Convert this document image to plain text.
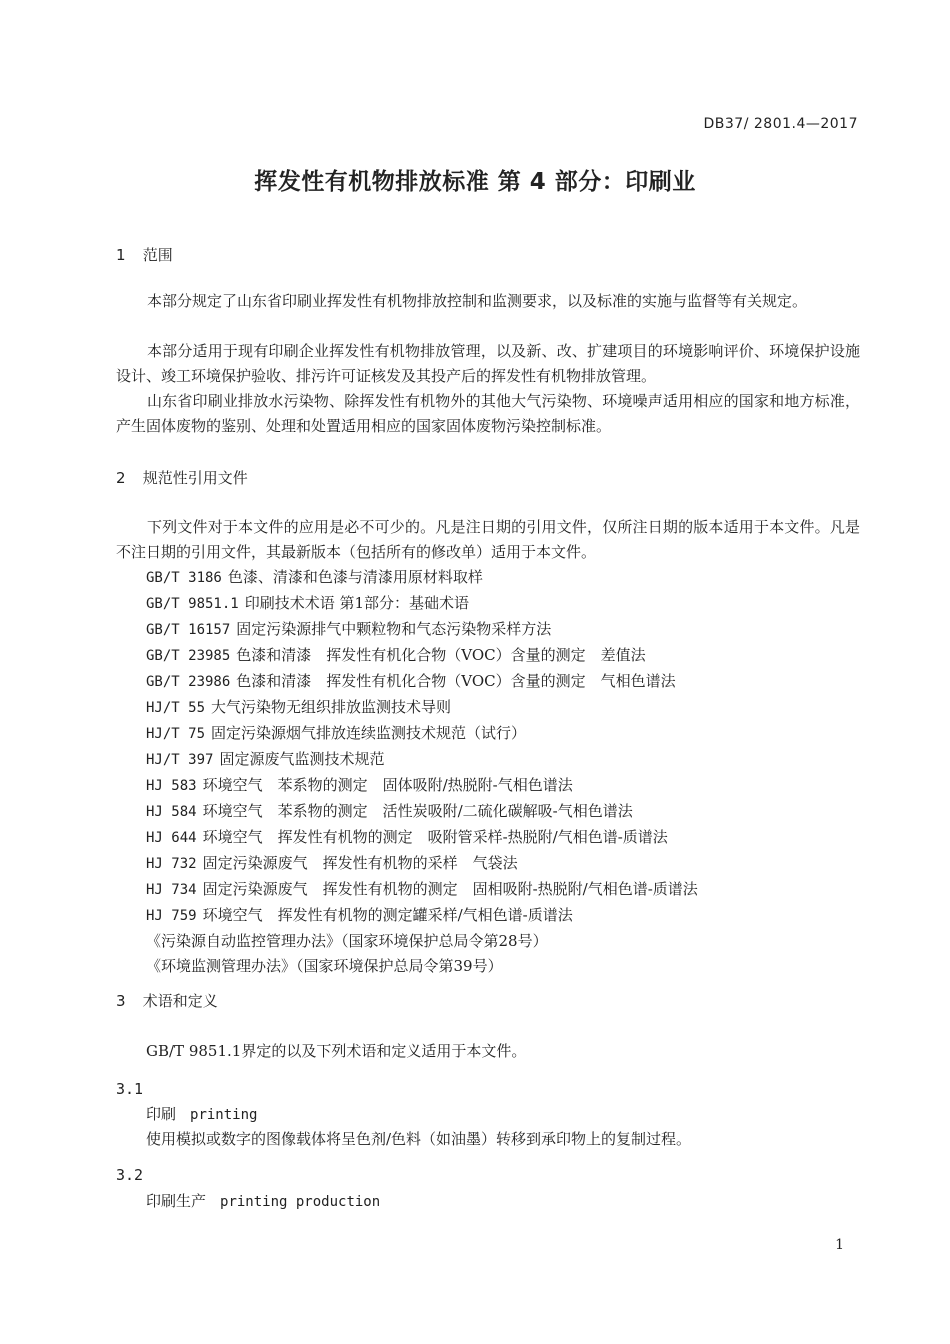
DB37/ 2801.4—2017
挥发性有机物排放标准 第 4 部分：印刷业
1 范围

本部分规定了山东省印刷业挥发性有机物排放控制和监测要求，以及标准的实施与监督等有关规定。

本部分适用于现有印刷企业挥发性有机物排放管理，以及新、改、扩建项目的环境影响评价、环境保护设施设计、竣工环境保护验收、排污许可证核发及其投产后的挥发性有机物排放管理。

山东省印刷业排放水污染物、除挥发性有机物外的其他大气污染物、环境噪声适用相应的国家和地方标准，产生固体废物的鉴别、处理和处置适用相应的国家固体废物污染控制标准。

2 规范性引用文件

下列文件对于本文件的应用是必不可少的。凡是注日期的引用文件，仅所注日期的版本适用于本文件。凡是不注日期的引用文件，其最新版本（包括所有的修改单）适用于本文件。

GB/T 3186 色漆、清漆和色漆与清漆用原材料取样
GB/T 9851.1 印刷技术术语 第1部分：基础术语
GB/T 16157 固定污染源排气中颗粒物和气态污染物采样方法
GB/T 23985 色漆和清漆　挥发性有机化合物（VOC）含量的测定　差值法
GB/T 23986 色漆和清漆　挥发性有机化合物（VOC）含量的测定　气相色谱法
HJ/T 55 大气污染物无组织排放监测技术导则
HJ/T 75 固定污染源烟气排放连续监测技术规范（试行）
HJ/T 397 固定源废气监测技术规范
HJ 583 环境空气　苯系物的测定　固体吸附/热脱附-气相色谱法
HJ 584 环境空气　苯系物的测定　活性炭吸附/二硫化碳解吸-气相色谱法
HJ 644 环境空气　挥发性有机物的测定　吸附管采样-热脱附/气相色谱-质谱法
HJ 732 固定污染源废气　挥发性有机物的采样　气袋法
HJ 734 固定污染源废气　挥发性有机物的测定　固相吸附-热脱附/气相色谱-质谱法
HJ 759 环境空气　挥发性有机物的测定罐采样/气相色谱-质谱法
《污染源自动监控管理办法》（国家环境保护总局令第28号）
《环境监测管理办法》（国家环境保护总局令第39号）
3 术语和定义
GB/T 9851.1界定的以及下列术语和定义适用于本文件。
3.1
印刷 printing
使用模拟或数字的图像载体将呈色剂/色料（如油墨）转移到承印物上的复制过程。
3.2
印刷生产 printing production
1
